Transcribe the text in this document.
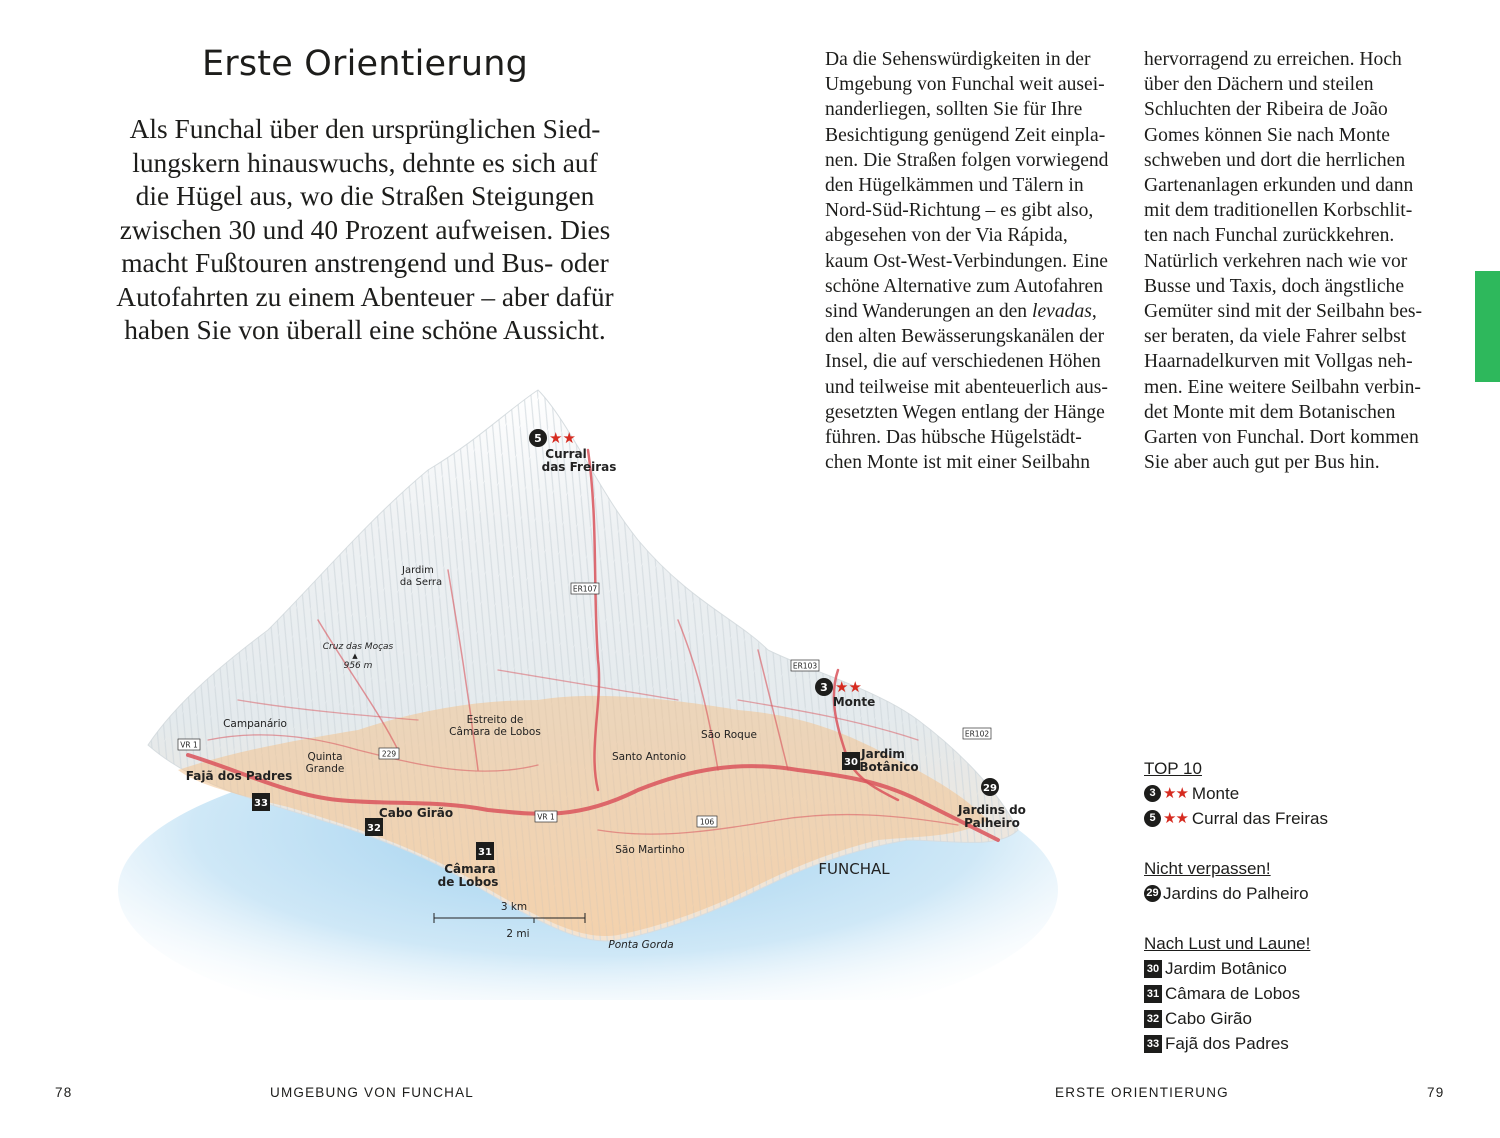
Erste Orientierung

Als Funchal über den ursprünglichen Sied-
lungskern hinauswuchs, dehnte es sich auf
die Hügel aus, wo die Straßen Steigungen
zwischen 30 und 40 Prozent aufweisen. Dies
macht Fußtouren anstrengend und Bus- oder
Autofahrten zu einem Abenteuer – aber dafür
haben Sie von überall eine schöne Aussicht.

Da die Sehenswürdigkeiten in der
Umgebung von Funchal weit ausei-
nanderliegen, sollten Sie für Ihre
Besichtigung genügend Zeit einpla-
nen. Die Straßen folgen vorwiegend
den Hügelkämmen und Tälern in
Nord-Süd-Richtung – es gibt also,
abgesehen von der Via Rápida,
kaum Ost-West-Verbindungen. Eine
schöne Alternative zum Autofahren
sind Wanderungen an den levadas,
den alten Bewässerungskanälen der
Insel, die auf verschiedenen Höhen
und teilweise mit abenteuerlich aus-
gesetzten Wegen entlang der Hänge
führen. Das hübsche Hügelstädt-
chen Monte ist mit einer Seilbahn

hervorragend zu erreichen. Hoch
über den Dächern und steilen
Schluchten der Ribeira de João
Gomes können Sie nach Monte
schweben und dort die herrlichen
Gartenanlagen erkunden und dann
mit dem traditionellen Korbschlit-
ten nach Funchal zurückkehren.
Natürlich verkehren nach wie vor
Busse und Taxis, doch ängstliche
Gemüter sind mit der Seilbahn bes-
ser beraten, da viele Fahrer selbst
Haarnadelkurven mit Vollgas neh-
men. Eine weitere Seilbahn verbin-
det Monte mit dem Botanischen
Garten von Funchal. Dort kommen
Sie aber auch gut per Bus hin.

ER107
ER103
ER102
VR 1
VR 1
229
106
5 ★★
Curral
das Freiras
3 ★★
Monte
30
Jardim
Botânico
29
Jardins do
Palheiro
31
Câmara
de Lobos
32
Cabo Girão
33
Fajã dos Padres
FUNCHAL
Jardim
da Serra
Cruz das Moças
▲
956 m
Campanário
Quinta
Grande
Estreito de
Câmara de Lobos
Santo Antonio
São Roque
São Martinho
Ponta Gorda
3 km
2 mi
TOP 10
3 ★★ Monte
5 ★★ Curral das Freiras
Nicht verpassen!
29 Jardins do Palheiro
Nach Lust und Laune!
30 Jardim Botânico
31 Câmara de Lobos
32 Cabo Girão
33 Fajã dos Padres
78	UMGEBUNG VON FUNCHAL	ERSTE ORIENTIERUNG	79
